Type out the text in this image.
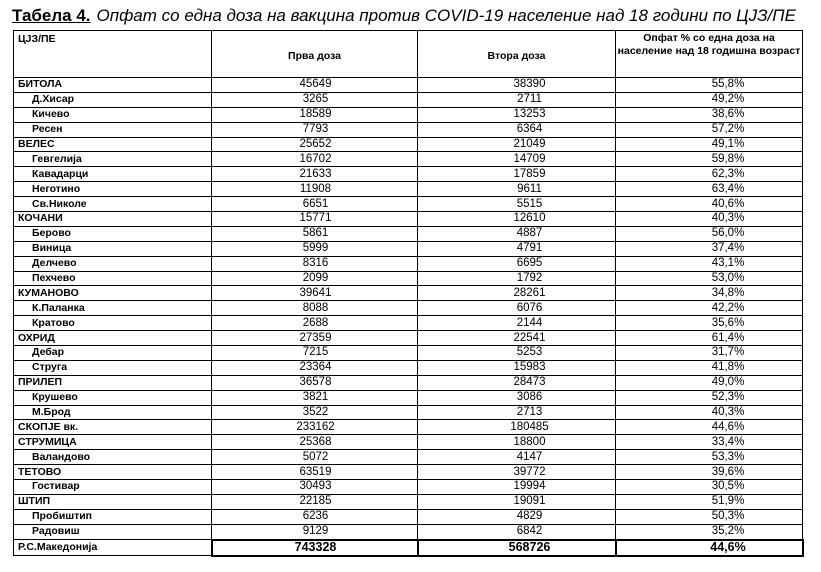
Табела 4. Опфат со една доза на вакцина против COVID-19 население над 18 години по ЦЈЗ/ПЕ
ЦЈЗ/ПЕ	Прва доза	Втора доза	Опфат % со една доза на население над 18 годишна возраст
БИТОЛА	45649	38390	55,8%
Д.Хисар	3265	2711	49,2%
Кичево	18589	13253	38,6%
Ресен	7793	6364	57,2%
ВЕЛЕС	25652	21049	49,1%
Гевгелија	16702	14709	59,8%
Кавадарци	21633	17859	62,3%
Неготино	11908	9611	63,4%
Св.Николе	6651	5515	40,6%
КОЧАНИ	15771	12610	40,3%
Берово	5861	4887	56,0%
Виница	5999	4791	37,4%
Делчево	8316	6695	43,1%
Пехчево	2099	1792	53,0%
КУМАНОВО	39641	28261	34,8%
К.Паланка	8088	6076	42,2%
Кратово	2688	2144	35,6%
ОХРИД	27359	22541	61,4%
Дебар	7215	5253	31,7%
Струга	23364	15983	41,8%
ПРИЛЕП	36578	28473	49,0%
Крушево	3821	3086	52,3%
М.Брод	3522	2713	40,3%
СКОПЈЕ вк.	233162	180485	44,6%
СТРУМИЦА	25368	18800	33,4%
Валандово	5072	4147	53,3%
ТЕТОВО	63519	39772	39,6%
Гостивар	30493	19994	30,5%
ШТИП	22185	19091	51,9%
Пробиштип	6236	4829	50,3%
Радовиш	9129	6842	35,2%
Р.С.Македонија	743328	568726	44,6%
